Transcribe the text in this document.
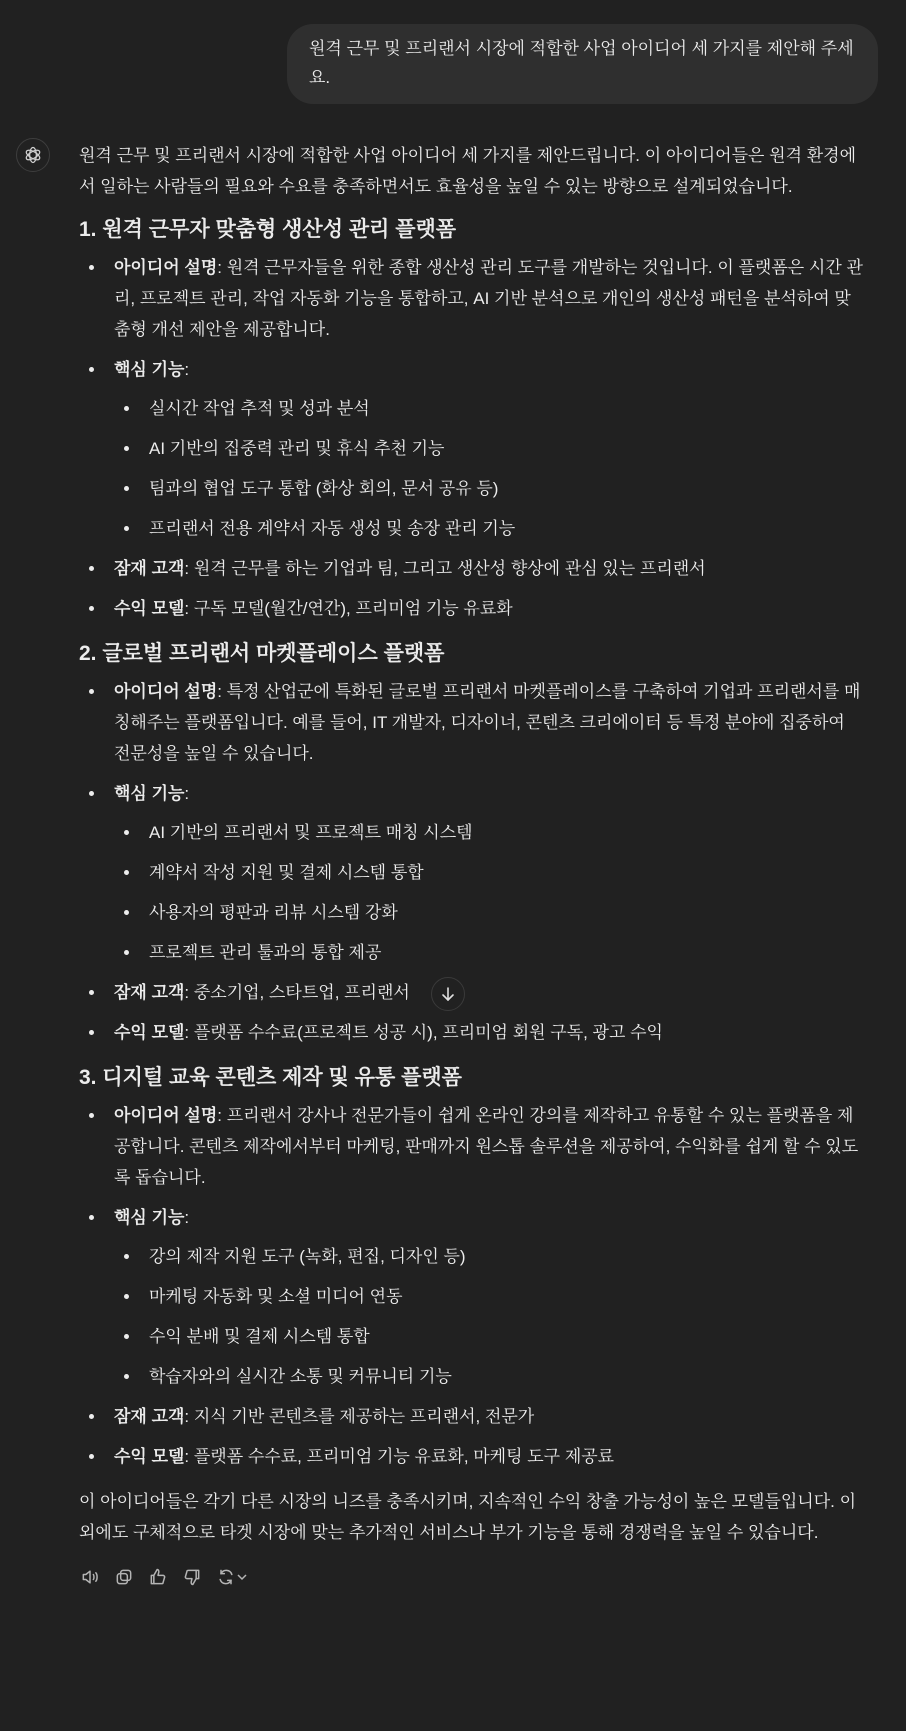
원격 근무 및 프리랜서 시장에 적합한 사업 아이디어 세 가지를 제안해 주세요.

원격 근무 및 프리랜서 시장에 적합한 사업 아이디어 세 가지를 제안드립니다. 이 아이디어들은 원격 환경에서 일하는 사람들의 필요와 수요를 충족하면서도 효율성을 높일 수 있는 방향으로 설계되었습니다.

1. 원격 근무자 맞춤형 생산성 관리 플랫폼
아이디어 설명: 원격 근무자들을 위한 종합 생산성 관리 도구를 개발하는 것입니다. 이 플랫폼은 시간 관리, 프로젝트 관리, 작업 자동화 기능을 통합하고, AI 기반 분석으로 개인의 생산성 패턴을 분석하여 맞춤형 개선 제안을 제공합니다.
핵심 기능:
실시간 작업 추적 및 성과 분석
AI 기반의 집중력 관리 및 휴식 추천 기능
팀과의 협업 도구 통합 (화상 회의, 문서 공유 등)
프리랜서 전용 계약서 자동 생성 및 송장 관리 기능
잠재 고객: 원격 근무를 하는 기업과 팀, 그리고 생산성 향상에 관심 있는 프리랜서
수익 모델: 구독 모델(월간/연간), 프리미엄 기능 유료화
2. 글로벌 프리랜서 마켓플레이스 플랫폼
아이디어 설명: 특정 산업군에 특화된 글로벌 프리랜서 마켓플레이스를 구축하여 기업과 프리랜서를 매칭해주는 플랫폼입니다. 예를 들어, IT 개발자, 디자이너, 콘텐츠 크리에이터 등 특정 분야에 집중하여 전문성을 높일 수 있습니다.
핵심 기능:
AI 기반의 프리랜서 및 프로젝트 매칭 시스템
계약서 작성 지원 및 결제 시스템 통합
사용자의 평판과 리뷰 시스템 강화
프로젝트 관리 툴과의 통합 제공
잠재 고객: 중소기업, 스타트업, 프리랜서
수익 모델: 플랫폼 수수료(프로젝트 성공 시), 프리미엄 회원 구독, 광고 수익
3. 디지털 교육 콘텐츠 제작 및 유통 플랫폼
아이디어 설명: 프리랜서 강사나 전문가들이 쉽게 온라인 강의를 제작하고 유통할 수 있는 플랫폼을 제공합니다. 콘텐츠 제작에서부터 마케팅, 판매까지 원스톱 솔루션을 제공하여, 수익화를 쉽게 할 수 있도록 돕습니다.
핵심 기능:
강의 제작 지원 도구 (녹화, 편집, 디자인 등)
마케팅 자동화 및 소셜 미디어 연동
수익 분배 및 결제 시스템 통합
학습자와의 실시간 소통 및 커뮤니티 기능
잠재 고객: 지식 기반 콘텐츠를 제공하는 프리랜서, 전문가
수익 모델: 플랫폼 수수료, 프리미엄 기능 유료화, 마케팅 도구 제공료

이 아이디어들은 각기 다른 시장의 니즈를 충족시키며, 지속적인 수익 창출 가능성이 높은 모델들입니다. 이 외에도 구체적으로 타겟 시장에 맞는 추가적인 서비스나 부가 기능을 통해 경쟁력을 높일 수 있습니다.
